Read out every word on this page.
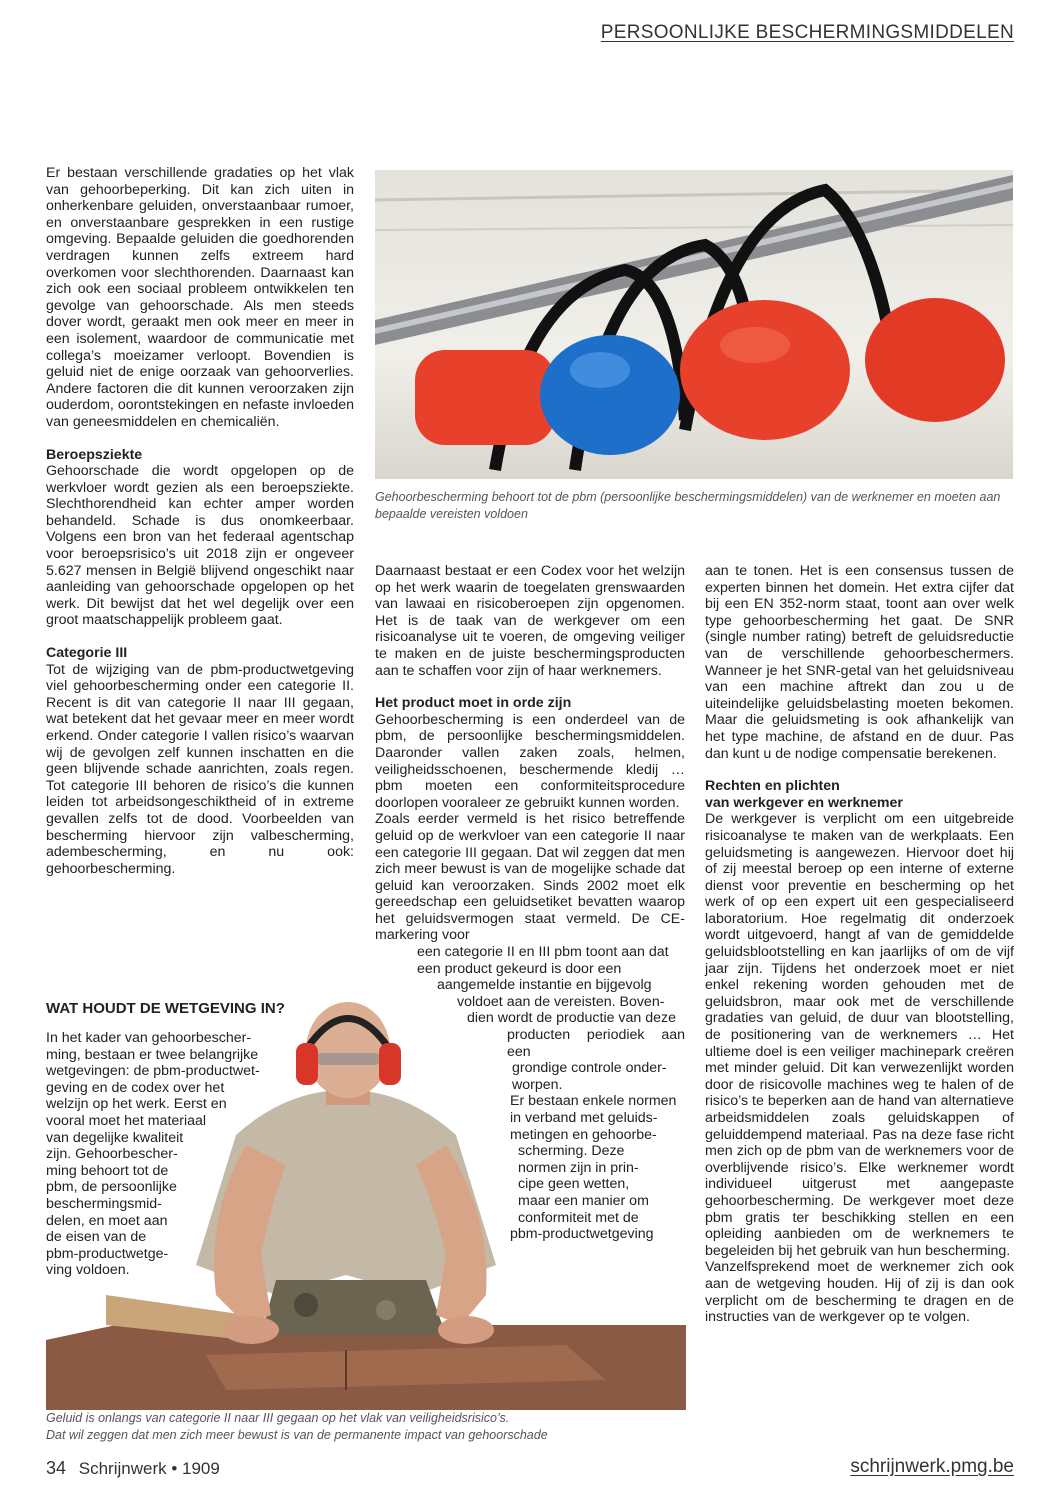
PERSOONLIJKE BESCHERMINGSMIDDELEN

Er bestaan verschillende gradaties op het vlak van gehoorbeperking. Dit kan zich uiten in onherkenbare geluiden, onverstaanbaar rumoer, en onverstaanbare gesprekken in een rustige omgeving. Bepaalde geluiden die goedhorenden verdragen kunnen zelfs extreem hard overkomen voor slechthorenden. Daarnaast kan zich ook een sociaal probleem ontwikkelen ten gevolge van gehoorschade. Als men steeds dover wordt, geraakt men ook meer en meer in een isolement, waardoor de communicatie met collega’s moeizamer verloopt. Bovendien is geluid niet de enige oorzaak van gehoorverlies. Andere factoren die dit kunnen veroorzaken zijn ouderdom, oorontstekingen en nefaste invloeden van geneesmiddelen en chemicaliën.

Beroepsziekte

Gehoorschade die wordt opgelopen op de werkvloer wordt gezien als een beroepsziekte. Slechthorendheid kan echter amper worden behandeld. Schade is dus onomkeerbaar. Volgens een bron van het federaal agentschap voor beroepsrisico’s uit 2018 zijn er ongeveer 5.627 mensen in België blijvend ongeschikt naar aanleiding van gehoorschade opgelopen op het werk. Dit bewijst dat het wel degelijk over een groot maatschappelijk probleem gaat.

Categorie III

Tot de wijziging van de pbm-productwetgeving viel gehoorbescherming onder een categorie II. Recent is dit van categorie II naar III gegaan, wat betekent dat het gevaar meer en meer wordt erkend. Onder categorie I vallen risico’s waarvan wij de gevolgen zelf kunnen inschatten en die geen blijvende schade aanrichten, zoals regen. Tot categorie III behoren de risico’s die kunnen leiden tot arbeidsongeschiktheid of in extreme gevallen zelfs tot de dood. Voorbeelden van bescherming hiervoor zijn valbescherming, adembescherming, en nu ook: gehoorbescherming.

WAT HOUDT DE WETGEVING IN?
In het kader van gehoorbescher-
ming, bestaan er twee belangrijke
wetgevingen: de pbm-productwet-
geving en de codex over het
welzijn op het werk. Eerst en
vooral moet het materiaal
van degelijke kwaliteit
zijn. Gehoorbescher-
ming behoort tot de
pbm, de persoonlijke
beschermingsmid-
delen, en moet aan
de eisen van de
pbm-productwetge-
ving voldoen.
Gehoorbescherming behoort tot de pbm (persoonlijke beschermingsmiddelen) van de werknemer en moeten aan bepaalde vereisten voldoen

Daarnaast bestaat er een Codex voor het welzijn op het werk waarin de toegelaten grenswaarden van lawaai en risicoberoepen zijn opgenomen. Het is de taak van de werkgever om een risicoanalyse uit te voeren, de omgeving veiliger te maken en de juiste beschermingsproducten aan te schaffen voor zijn of haar werknemers.

Het product moet in orde zijn

Gehoorbescherming is een onderdeel van de pbm, de persoonlijke beschermingsmiddelen. Daaronder vallen zaken zoals, helmen, veiligheidsschoenen, beschermende kledij … pbm moeten een conformiteitsprocedure doorlopen vooraleer ze gebruikt kunnen worden.

Zoals eerder vermeld is het risico betreffende geluid op de werkvloer van een categorie II naar een categorie III gegaan. Dat wil zeggen dat men zich meer bewust is van de mogelijke schade dat geluid kan veroorzaken. Sinds 2002 moet elk gereedschap een geluidsetiket bevatten waarop het geluidsvermogen staat vermeld. De CE-markering voor

een categorie II en III pbm toont aan dat
een product gekeurd is door een
aangemelde instantie en bijgevolg
voldoet aan de vereisten. Boven-
dien wordt de productie van deze
producten periodiek aan een
grondige controle onder-
worpen.
Er bestaan enkele normen
in verband met geluids-
metingen en gehoorbe-
scherming. Deze
normen zijn in prin-
cipe geen wetten,
maar een manier om
conformiteit met de
pbm-productwetgeving

aan te tonen. Het is een consensus tussen de experten binnen het domein. Het extra cijfer dat bij een EN 352-norm staat, toont aan over welk type gehoorbescherming het gaat. De SNR (single number rating) betreft de geluidsreductie van de verschillende gehoorbeschermers. Wanneer je het SNR-getal van het geluidsniveau van een machine aftrekt dan zou u de uiteindelijke geluidsbelasting moeten bekomen. Maar die geluidsmeting is ook afhankelijk van het type machine, de afstand en de duur. Pas dan kunt u de nodige compensatie berekenen.

Rechten en plichten
van werkgever en werknemer

De werkgever is verplicht om een uitgebreide risicoanalyse te maken van de werkplaats. Een geluidsmeting is aangewezen. Hiervoor doet hij of zij meestal beroep op een interne of externe dienst voor preventie en bescherming op het werk of op een expert uit een gespecialiseerd laboratorium. Hoe regelmatig dit onderzoek wordt uitgevoerd, hangt af van de gemiddelde geluidsblootstelling en kan jaarlijks of om de vijf jaar zijn. Tijdens het onderzoek moet er niet enkel rekening worden gehouden met de geluidsbron, maar ook met de verschillende gradaties van geluid, de duur van blootstelling, de positionering van de werknemers … Het ultieme doel is een veiliger machinepark creëren met minder geluid. Dit kan verwezenlijkt worden door de risicovolle machines weg te halen of de risico’s te beperken aan de hand van alternatieve arbeidsmiddelen zoals geluidskappen of geluiddempend materiaal. Pas na deze fase richt men zich op de pbm van de werknemers voor de overblijvende risico’s. Elke werknemer wordt individueel uitgerust met aangepaste gehoorbescherming. De werkgever moet deze pbm gratis ter beschikking stellen en een opleiding aanbieden om de werknemers te begeleiden bij het gebruik van hun bescherming.

Vanzelfsprekend moet de werknemer zich ook aan de wetgeving houden. Hij of zij is dan ook verplicht om de bescherming te dragen en de instructies van de werkgever op te volgen.

Geluid is onlangs van categorie II naar III gegaan op het vlak van veiligheidsrisico’s.
Dat wil zeggen dat men zich meer bewust is van de permanente impact van gehoorschade
34 Schrijnwerk • 1909	schrijnwerk.pmg.be
